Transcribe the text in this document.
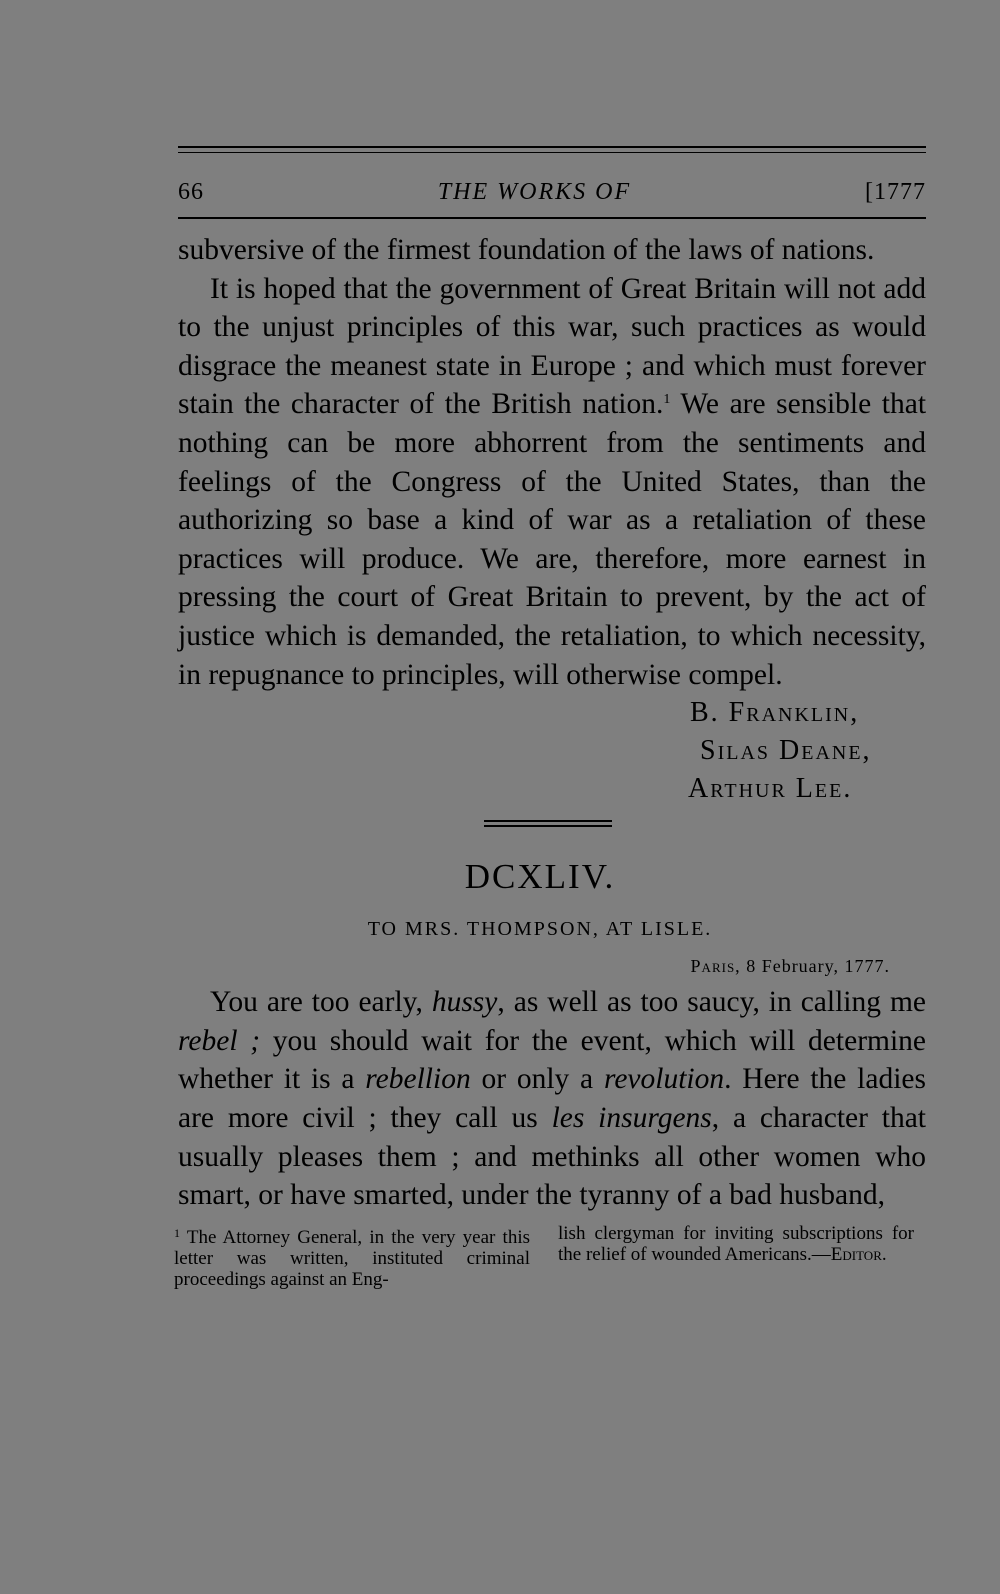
66	THE WORKS OF	[1777

subversive of the firmest foundation of the laws of nations.

It is hoped that the government of Great Britain will not add to the unjust principles of this war, such practices as would disgrace the meanest state in Europe ; and which must forever stain the character of the British nation.$^1$ We are sensible that nothing can be more abhorrent from the sentiments and feelings of the Congress of the United States, than the authorizing so base a kind of war as a retaliation of these practices will produce. We are, therefore, more earnest in pressing the court of Great Britain to prevent, by the act of justice which is demanded, the retaliation, to which necessity, in repugnance to principles, will otherwise compel.

B. Franklin,
Silas Deane,
Arthur Lee.
DCXLIV.
TO MRS. THOMPSON, AT LISLE.
Paris, 8 February, 1777.

You are too early, hussy, as well as too saucy, in calling me rebel ; you should wait for the event, which will determine whether it is a rebellion or only a revolution. Here the ladies are more civil ; they call us les insurgens, a character that usually pleases them ; and methinks all other women who smart, or have smarted, under the tyranny of a bad husband,

$^1$ The Attorney General, in the very year this letter was written, instituted criminal proceedings against an Eng-

lish clergyman for inviting subscriptions for the relief of wounded Americans.—Editor.
